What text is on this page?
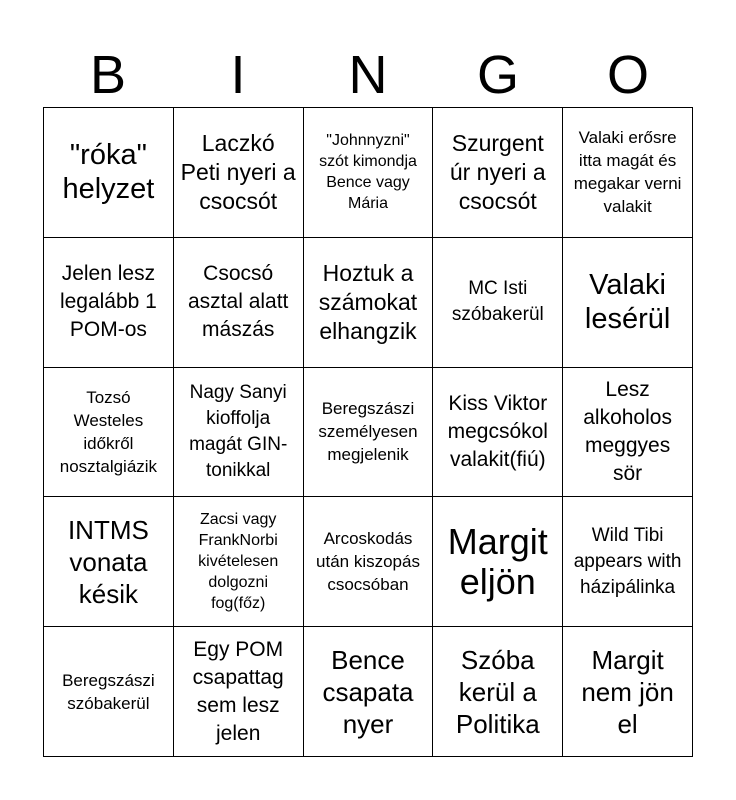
B	I	N	G	O
"róka" helyzet
Laczkó Peti nyeri a csocsót
"Johnnyzni" szót kimondja Bence vagy Mária
Szurgent úr nyeri a csocsót
Valaki erősre itta magát és megakar verni valakit
Jelen lesz legalább 1 POM-os
Csocsó asztal alatt mászás
Hoztuk a számokat elhangzik
MC Isti szóbakerül
Valaki lesérül
Tozsó Westeles időkről nosztalgiázik
Nagy Sanyi kioffolja magát GIN-tonikkal
Beregszászi személyesen megjelenik
Kiss Viktor megcsókol valakit(fiú)
Lesz alkoholos meggyes sör
INTMS vonata késik
Zacsi vagy FrankNorbi kivételesen dolgozni fog(főz)
Arcoskodás után kiszopás csocsóban
Margit eljön
Wild Tibi appears with házipálinka
Beregszászi szóbakerül
Egy POM csapattag sem lesz jelen
Bence csapata nyer
Szóba kerül a Politika
Margit nem jön el
